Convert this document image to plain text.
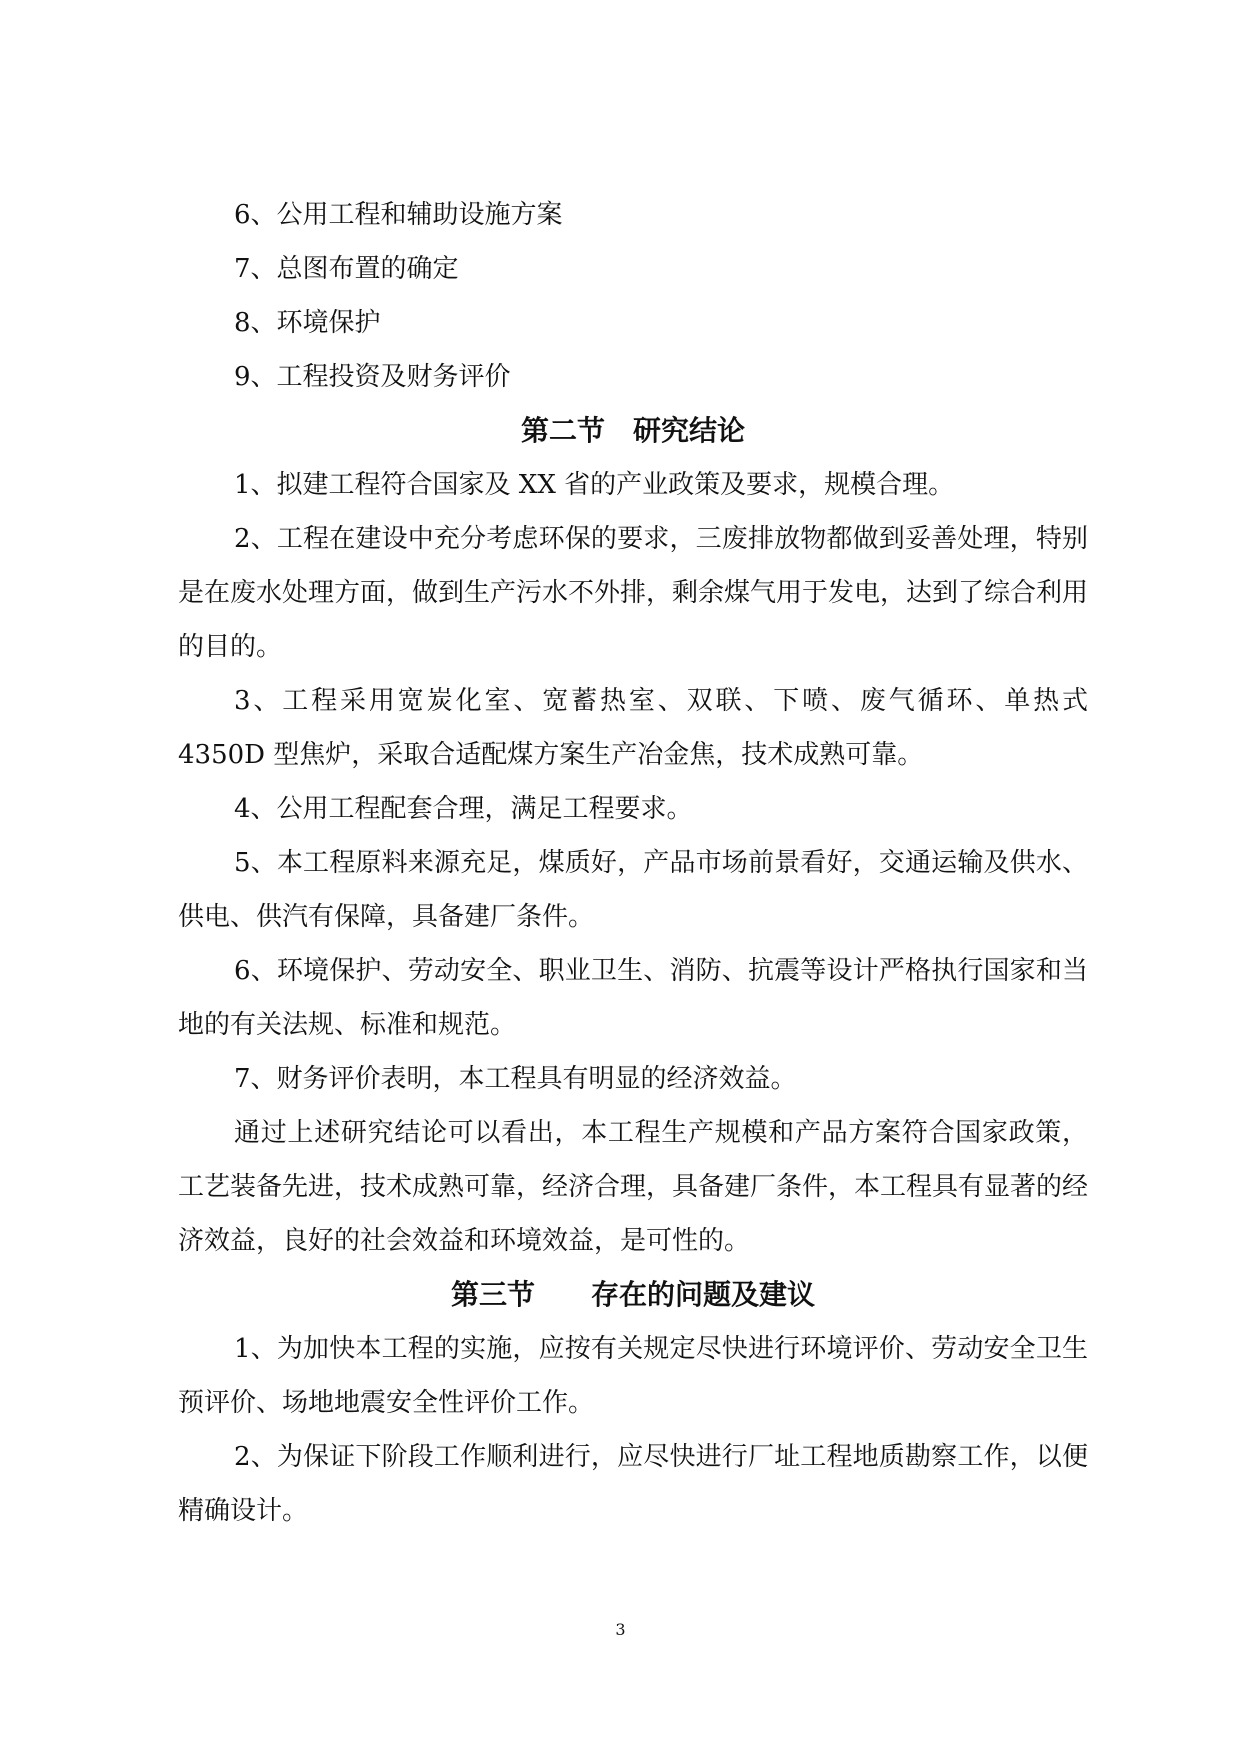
6、公用工程和辅助设施方案

7、总图布置的确定

8、环境保护

9、工程投资及财务评价

第二节　研究结论

1、拟建工程符合国家及 XX 省的产业政策及要求，规模合理。

2、工程在建设中充分考虑环保的要求，三废排放物都做到妥善处理，特别是在废水处理方面，做到生产污水不外排，剩余煤气用于发电，达到了综合利用的目的。

3、工程采用宽炭化室、宽蓄热室、双联、下喷、废气循环、单热式 4350D 型焦炉，采取合适配煤方案生产冶金焦，技术成熟可靠。

4、公用工程配套合理，满足工程要求。

5、本工程原料来源充足，煤质好，产品市场前景看好，交通运输及供水、供电、供汽有保障，具备建厂条件。

6、环境保护、劳动安全、职业卫生、消防、抗震等设计严格执行国家和当地的有关法规、标准和规范。

7、财务评价表明，本工程具有明显的经济效益。

通过上述研究结论可以看出，本工程生产规模和产品方案符合国家政策，工艺装备先进，技术成熟可靠，经济合理，具备建厂条件，本工程具有显著的经济效益，良好的社会效益和环境效益，是可性的。

第三节　　存在的问题及建议

1、为加快本工程的实施，应按有关规定尽快进行环境评价、劳动安全卫生预评价、场地地震安全性评价工作。

2、为保证下阶段工作顺利进行，应尽快进行厂址工程地质勘察工作，以便精确设计。

3
